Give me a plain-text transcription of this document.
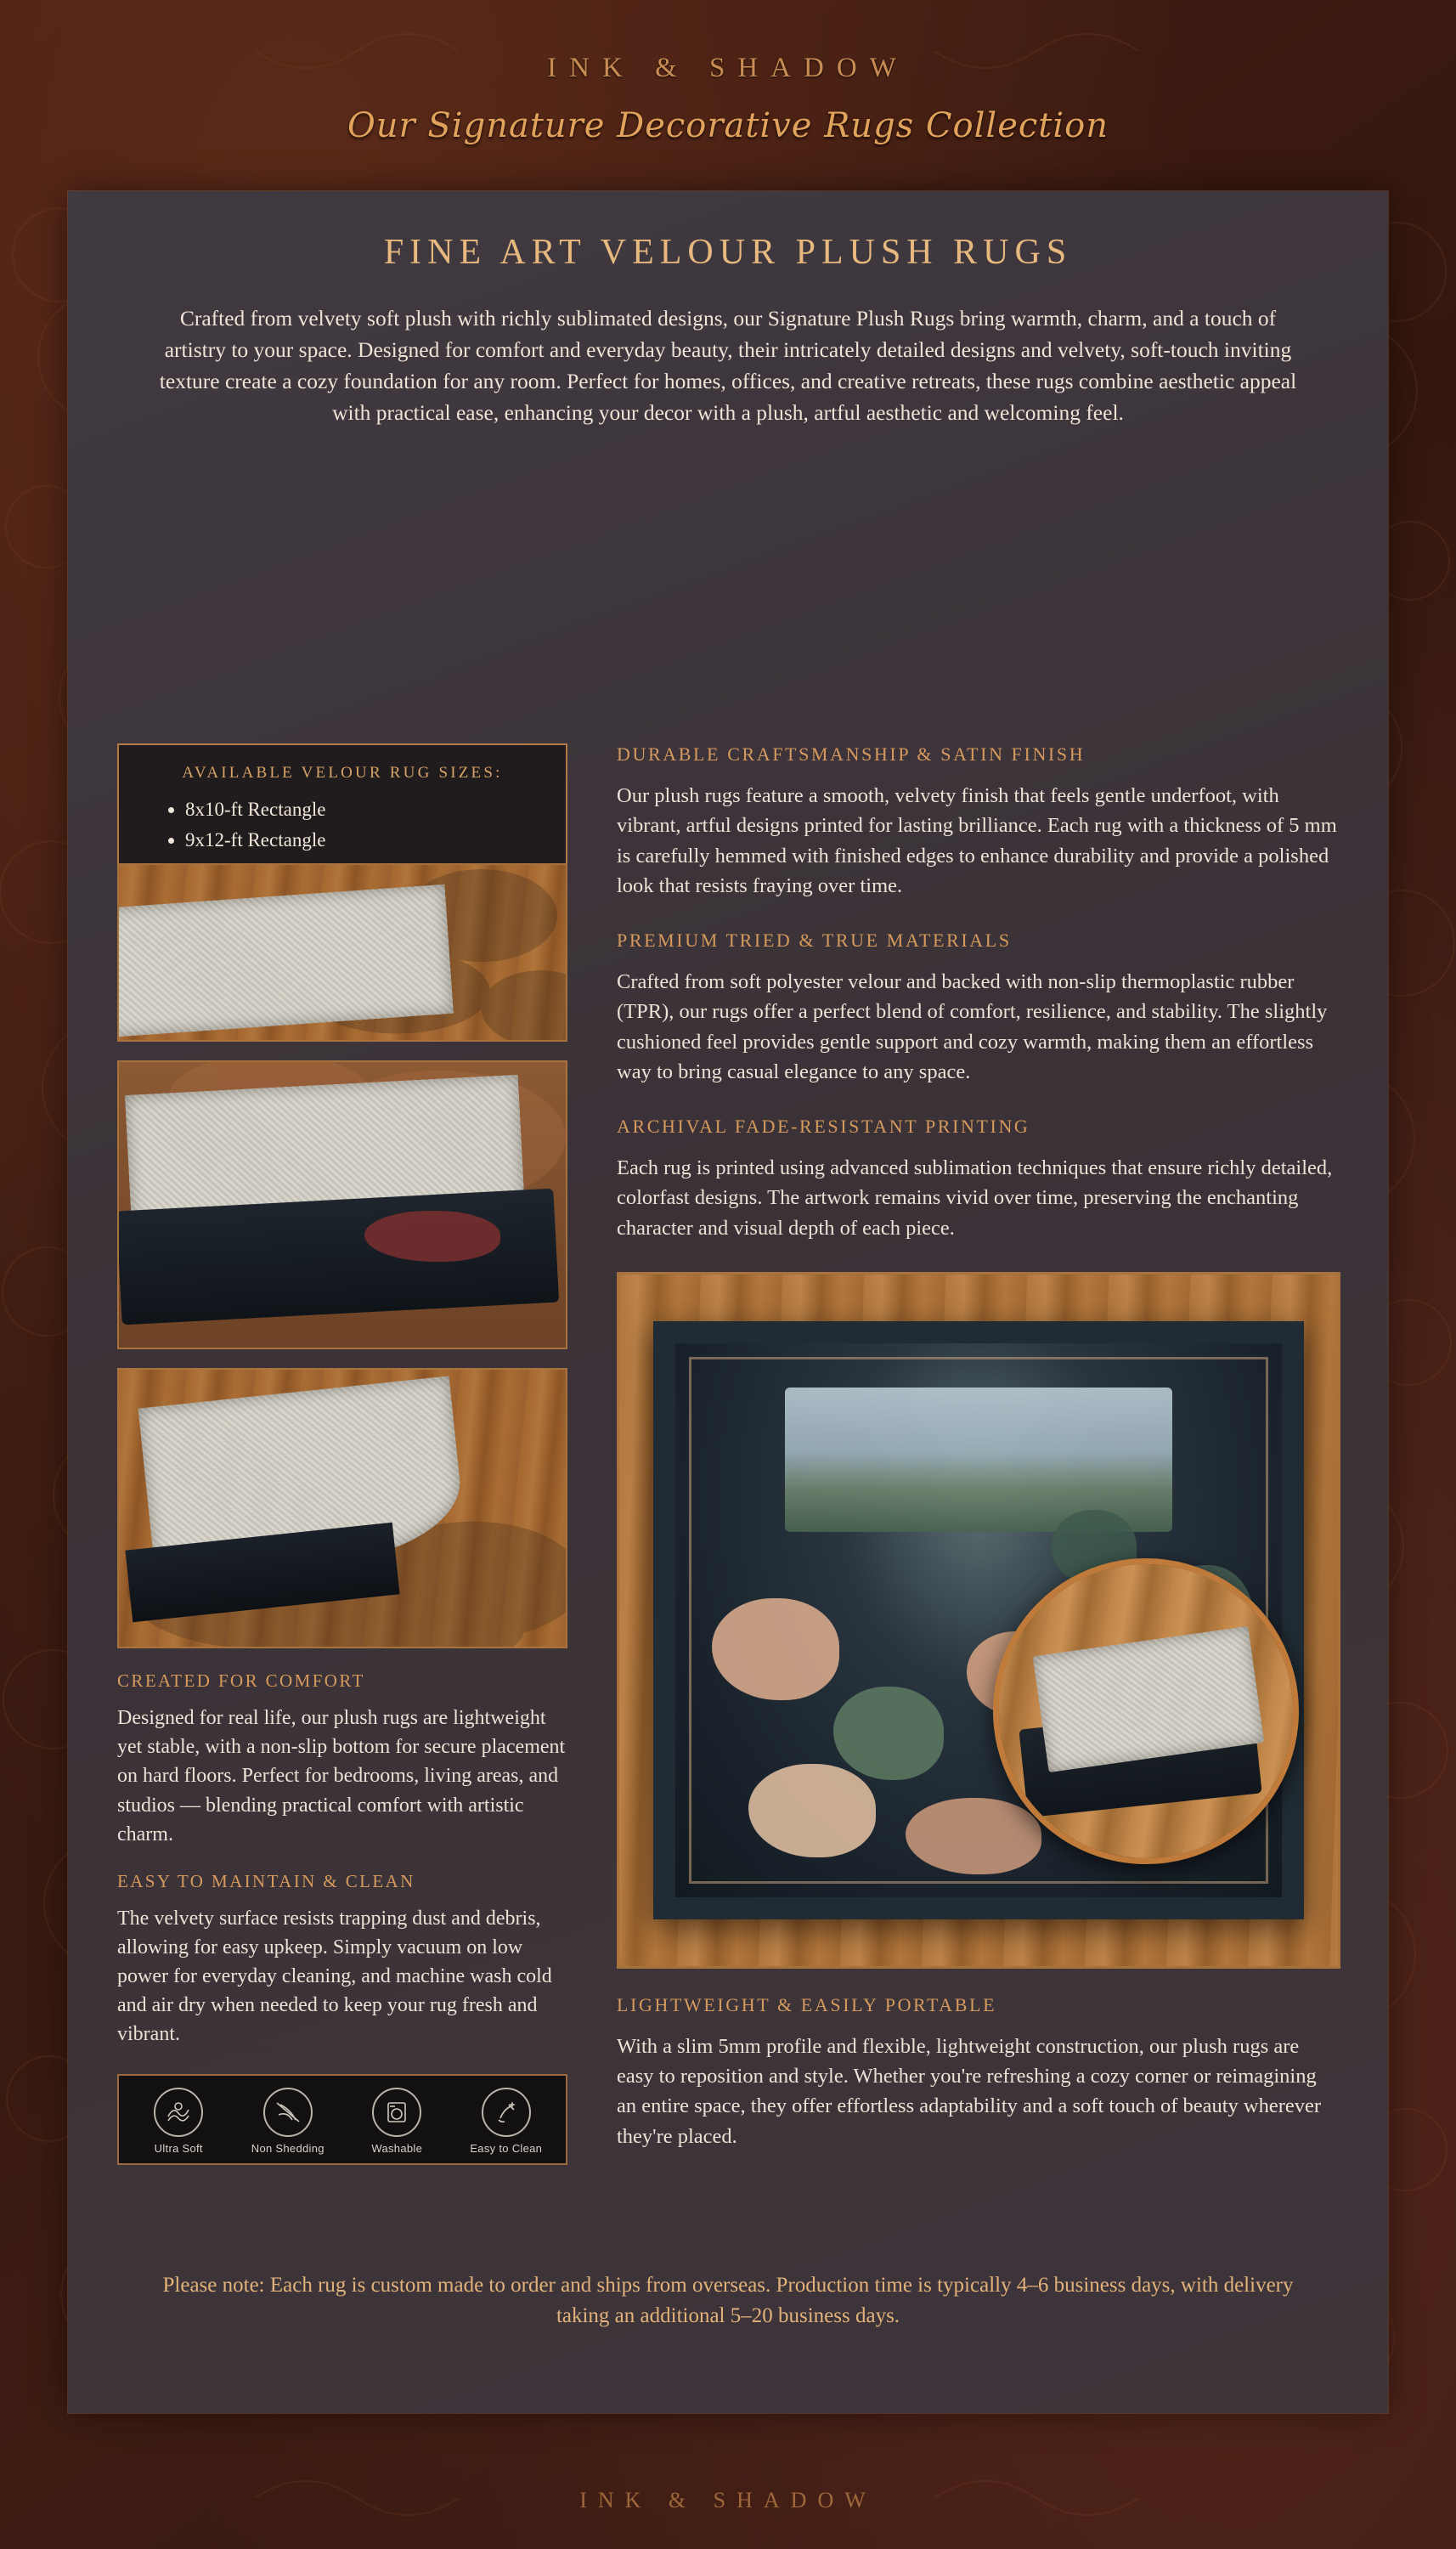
INK & SHADOW
Our Signature Decorative Rugs Collection
FINE ART VELOUR PLUSH RUGS

Crafted from velvety soft plush with richly sublimated designs, our Signature Plush Rugs bring warmth, charm, and a touch of artistry to your space. Designed for comfort and everyday beauty, their intricately detailed designs and velvety, soft-touch inviting texture create a cozy foundation for any room. Perfect for homes, offices, and creative retreats, these rugs combine aesthetic appeal with practical ease, enhancing your decor with a plush, artful aesthetic and welcoming feel.

AVAILABLE VELOUR RUG SIZES:
• 8x10-ft Rectangle
• 9x12-ft Rectangle
CREATED FOR COMFORT

Designed for real life, our plush rugs are lightweight yet stable, with a non-slip bottom for secure placement on hard floors. Perfect for bedrooms, living areas, and studios — blending practical comfort with artistic charm.

EASY TO MAINTAIN & CLEAN

The velvety surface resists trapping dust and debris, allowing for easy upkeep. Simply vacuum on low power for everyday cleaning, and machine wash cold and air dry when needed to keep your rug fresh and vibrant.

Ultra Soft	Non Shedding	Washable	Easy to Clean
DURABLE CRAFTSMANSHIP & SATIN FINISH

Our plush rugs feature a smooth, velvety finish that feels gentle underfoot, with vibrant, artful designs printed for lasting brilliance. Each rug with a thickness of 5 mm is carefully hemmed with finished edges to enhance durability and provide a polished look that resists fraying over time.

PREMIUM TRIED & TRUE MATERIALS

Crafted from soft polyester velour and backed with non-slip thermoplastic rubber (TPR), our rugs offer a perfect blend of comfort, resilience, and stability. The slightly cushioned feel provides gentle support and cozy warmth, making them an effortless way to bring casual elegance to any space.

ARCHIVAL FADE-RESISTANT PRINTING

Each rug is printed using advanced sublimation techniques that ensure richly detailed, colorfast designs. The artwork remains vivid over time, preserving the enchanting character and visual depth of each piece.

LIGHTWEIGHT & EASILY PORTABLE

With a slim 5mm profile and flexible, lightweight construction, our plush rugs are easy to reposition and style. Whether you're refreshing a cozy corner or reimagining an entire space, they offer effortless adaptability and a soft touch of beauty wherever they're placed.

Please note: Each rug is custom made to order and ships from overseas. Production time is typically 4–6 business days, with delivery taking an additional 5–20 business days.
INK & SHADOW
